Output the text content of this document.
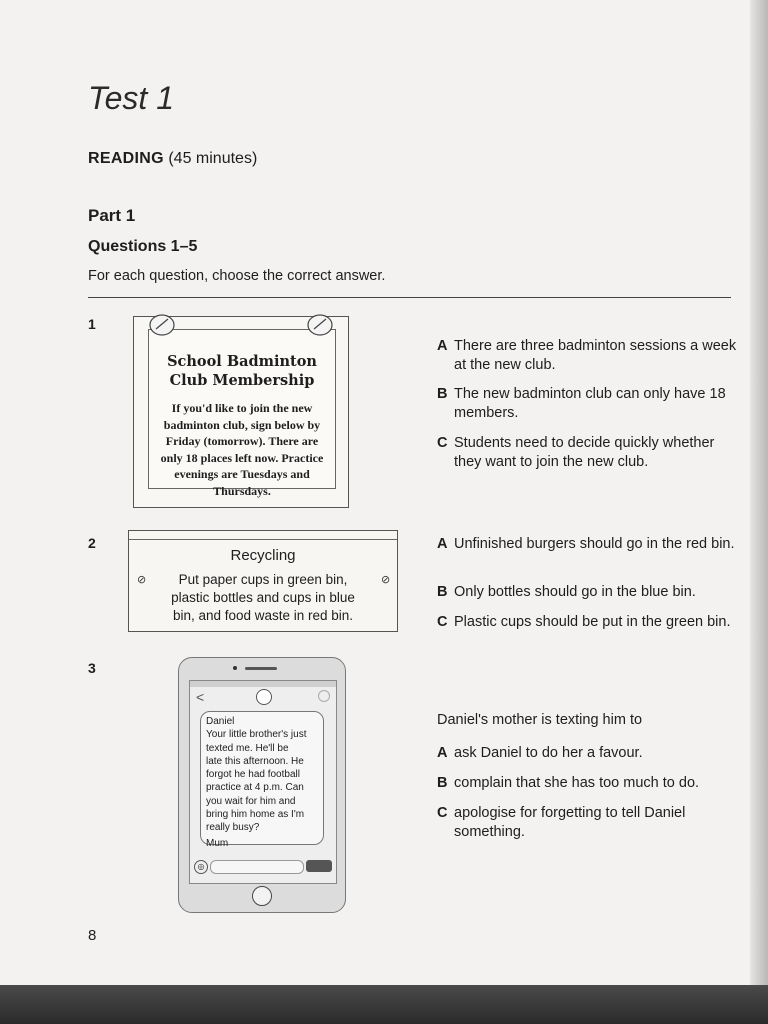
Test 1
READING (45 minutes)
Part 1
Questions 1–5
For each question, choose the correct answer.
1
School Badminton
Club Membership
If you'd like to join the new
badminton club, sign below by
Friday (tomorrow). There are
only 18 places left now. Practice
evenings are Tuesdays and
Thursdays.
A There are three badminton sessions a week at the new club.
B The new badminton club can only have 18 members.
C Students need to decide quickly whether they want to join the new club.
2
Recycling
Put paper cups in green bin,
plastic bottles and cups in blue
bin, and food waste in red bin.
⊘	⊘
A Unfinished burgers should go in the red bin.
B Only bottles should go in the blue bin.
C Plastic cups should be put in the green bin.
3
<
Daniel
Your little brother's just
texted me. He'll be
late this afternoon. He
forgot he had football
practice at 4 p.m. Can
you wait for him and
bring him home as I'm
really busy?
Mum
◎
Daniel's mother is texting him to
A ask Daniel to do her a favour.
B complain that she has too much to do.
C apologise for forgetting to tell Daniel something.
8
